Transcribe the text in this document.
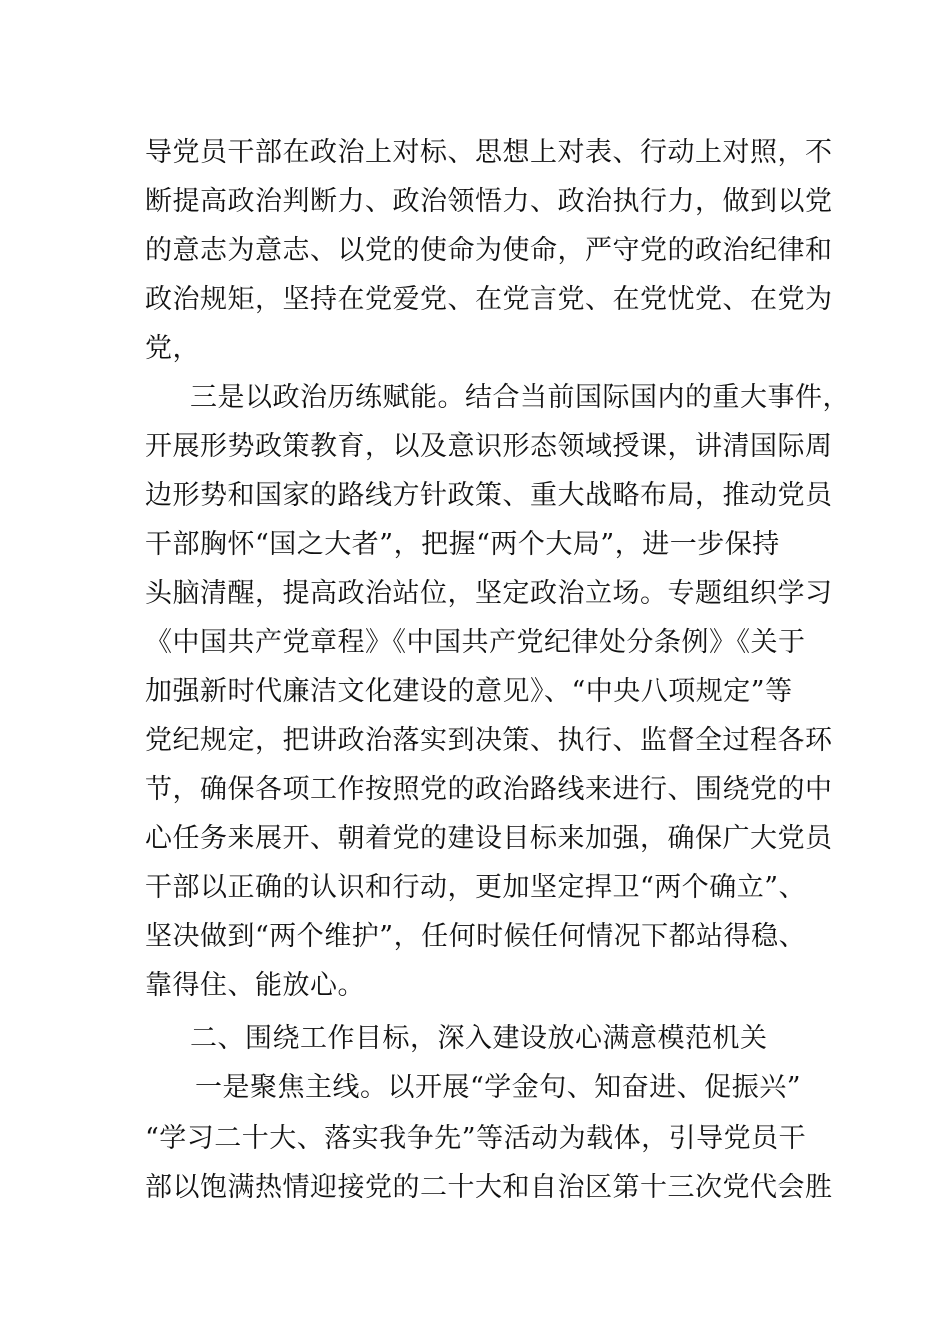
导党员干部在政治上对标、思想上对表、行动上对照，不
断提高政治判断力、政治领悟力、政治执行力，做到以党
的意志为意志、以党的使命为使命，严守党的政治纪律和
政治规矩，坚持在党爱党、在党言党、在党忧党、在党为
党，
三是以政治历练赋能。结合当前国际国内的重大事件，
开展形势政策教育，以及意识形态领域授课，讲清国际周
边形势和国家的路线方针政策、重大战略布局，推动党员
干部胸怀“国之大者”，把握“两个大局”，进一步保持
头脑清醒，提高政治站位，坚定政治立场。专题组织学习
《中国共产党章程》《中国共产党纪律处分条例》《关于
加强新时代廉洁文化建设的意见》、“中央八项规定”等
党纪规定，把讲政治落实到决策、执行、监督全过程各环
节，确保各项工作按照党的政治路线来进行、围绕党的中
心任务来展开、朝着党的建设目标来加强，确保广大党员
干部以正确的认识和行动，更加坚定捍卫“两个确立”、
坚决做到“两个维护”，任何时候任何情况下都站得稳、
靠得住、能放心。
二、围绕工作目标，深入建设放心满意模范机关
一是聚焦主线。以开展“学金句、知奋进、促振兴”
“学习二十大、落实我争先”等活动为载体，引导党员干
部以饱满热情迎接党的二十大和自治区第十三次党代会胜
